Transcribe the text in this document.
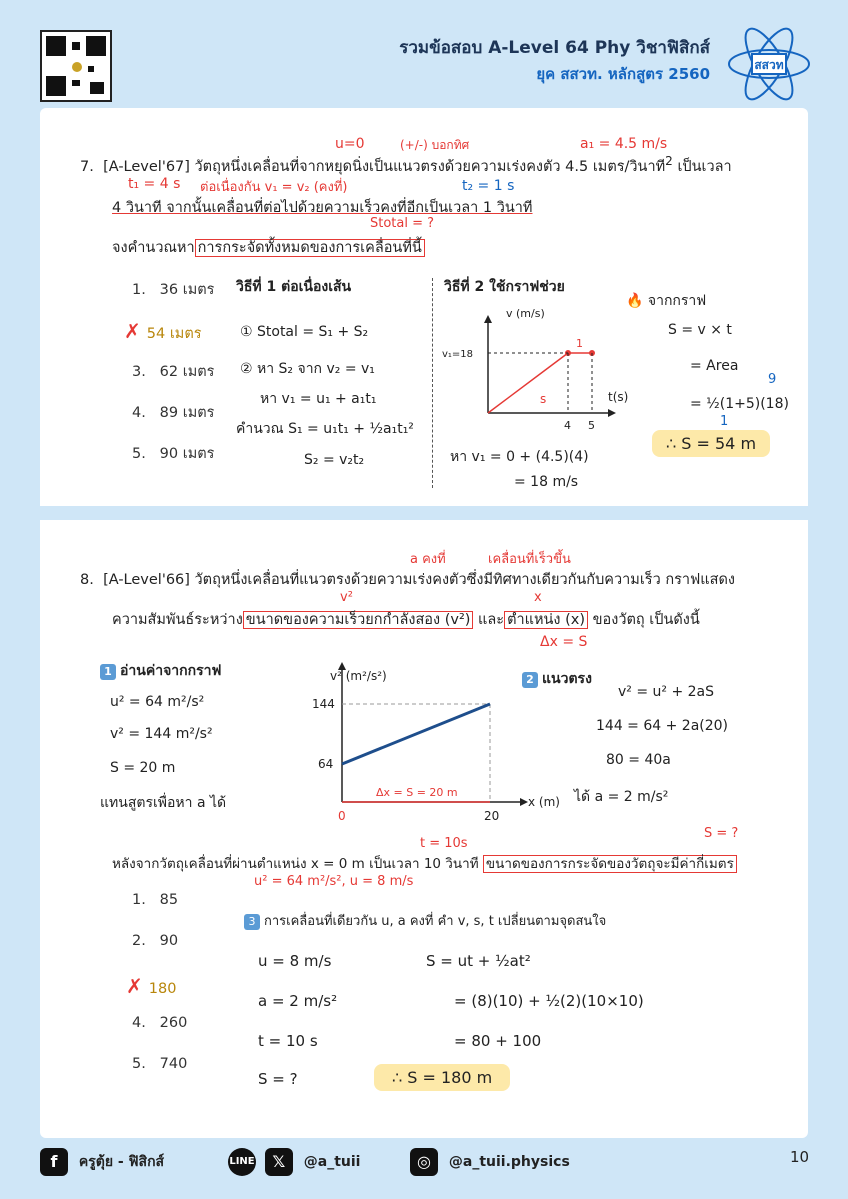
รวมข้อสอบ A-Level 64 Phy วิชาฟิสิกส์
ยุค สสวท. หลักสูตร 2560	สสวท
u=0	(+/-) บอกทิศ	a₁ = 4.5 m/s
7. [A-Level'67] วัตถุหนึ่งเคลื่อนที่จากหยุดนิ่งเป็นแนวตรงด้วยความเร่งคงตัว 4.5 เมตร/วินาที$^2$ เป็นเวลา
t₁ = 4 s ต่อเนื่องกัน v₁ = v₂ (คงที่)	t₂ = 1 s
4 วินาที จากนั้นเคลื่อนที่ต่อไปด้วยความเร็วคงที่อีกเป็นเวลา 1 วินาที
Stotal = ?
จงคำนวณหา การกระจัดทั้งหมดของการเคลื่อนที่นี้
1. 36 เมตร
✗ 54 เมตร
3. 62 เมตร
4. 89 เมตร
5. 90 เมตร
วิธีที่ 1 ต่อเนื่องเส้น
① Stotal = S₁ + S₂
② หา S₂ จาก v₂ = v₁
หา v₁ = u₁ + a₁t₁
คำนวณ S₁ = u₁t₁ + ½a₁t₁²
S₂ = v₂t₂
วิธีที่ 2 ใช้กราฟช่วย
v (m/s)
t(s)
v₁=18
s
4 5
1
หา v₁ = 0 + (4.5)(4)
= 18 m/s
🔥 จากกราฟ
S = v × t
= Area
9
= ½(1+5)(18)
1
∴ S = 54 m
a คงที่	เคลื่อนที่เร็วขึ้น
8. [A-Level'66] วัตถุหนึ่งเคลื่อนที่แนวตรงด้วยความเร่งคงตัวซึ่งมีทิศทางเดียวกันกับความเร็ว กราฟแสดง
v²	x
ความสัมพันธ์ระหว่าง ขนาดของความเร็วยกกำลังสอง (v²) และ ตำแหน่ง (x) ของวัตถุ เป็นดังนี้
Δx = S
1 อ่านค่าจากกราฟ
u² = 64 m²/s²
v² = 144 m²/s²
S = 20 m
แทนสูตรเพื่อหา a ได้
v² (m²/s²)
x (m)
144
64
0	20
Δx = S = 20 m
2 แนวตรง
v² = u² + 2aS
144 = 64 + 2a(20)
80 = 40a
ได้ a = 2 m/s²
t = 10s
S = ?
หลังจากวัตถุเคลื่อนที่ผ่านตำแหน่ง x = 0 m เป็นเวลา 10 วินาที ขนาดของการกระจัดของวัตถุจะมีค่ากี่เมตร
u² = 64 m²/s², u = 8 m/s
1. 85
2. 90
✗ 180
4. 260
5. 740
3 การเคลื่อนที่เดียวกัน u, a คงที่ คำ v, s, t เปลี่ยนตามจุดสนใจ
u = 8 m/s
a = 2 m/s²
t = 10 s
S = ?
S = ut + ½at²
= (8)(10) + ½(2)(10×10)
= 80 + 100
∴ S = 180 m
f ครูตุ้ย - ฟิสิกส์	LINE 𝕏 @a_tuii	◎ @a_tuii.physics	10
